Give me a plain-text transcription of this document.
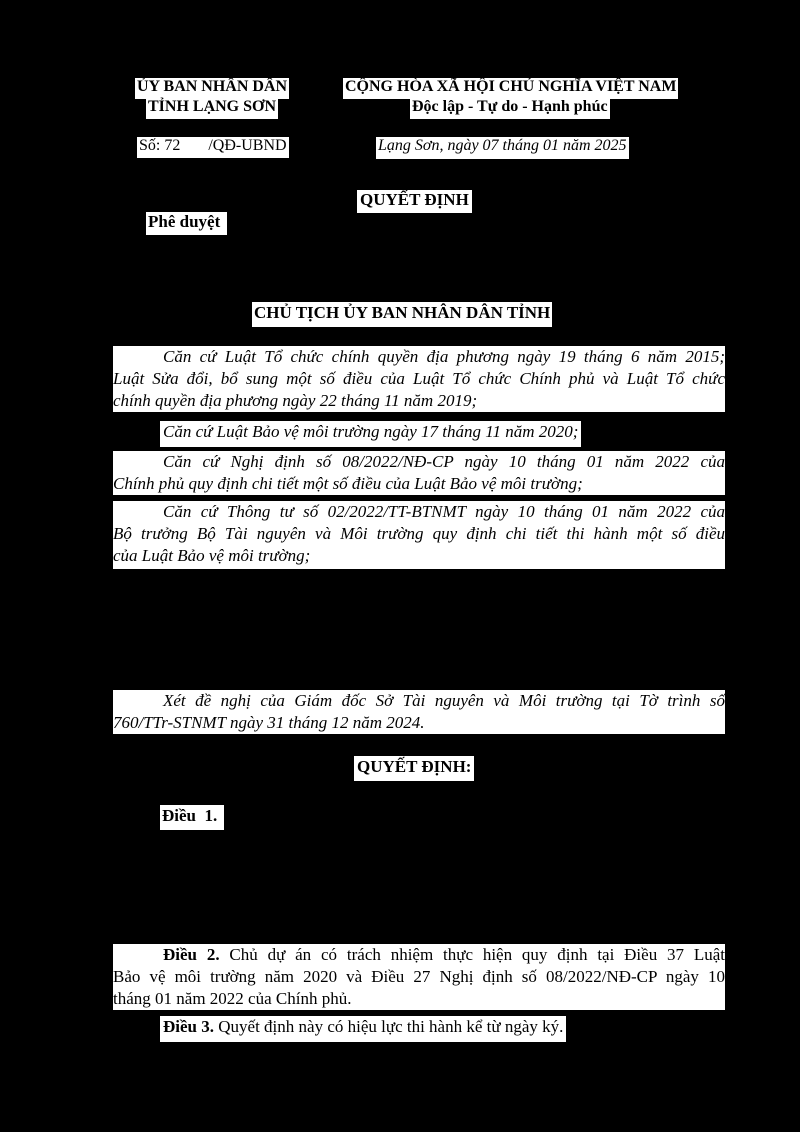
ỦY BAN NHÂN DÂN
TỈNH LẠNG SƠN
CỘNG HÒA XÃ HỘI CHỦ NGHĨA VIỆT NAM
Độc lập - Tự do - Hạnh phúc
Số: 72       /QĐ-UBND	Lạng Sơn, ngày 07 tháng 01 năm 2025
QUYẾT ĐỊNH
Phê duyệt
CHỦ TỊCH ỦY BAN NHÂN DÂN TỈNH
Căn cứ Luật Tổ chức chính quyền địa phương ngày 19 tháng 6 năm 2015;
Luật Sửa đổi, bổ sung một số điều của Luật Tổ chức Chính phủ và Luật Tổ chức
chính quyền địa phương ngày 22 tháng 11 năm 2019;
Căn cứ Luật Bảo vệ môi trường ngày 17 tháng 11 năm 2020;
Căn cứ Nghị định số 08/2022/NĐ-CP ngày 10 tháng 01 năm 2022 của
Chính phủ quy định chi tiết một số điều của Luật Bảo vệ môi trường;
Căn cứ Thông tư số 02/2022/TT-BTNMT ngày 10 tháng 01 năm 2022 của
Bộ trưởng Bộ Tài nguyên và Môi trường quy định chi tiết thi hành một số điều
của Luật Bảo vệ môi trường;
Xét đề nghị của Giám đốc Sở Tài nguyên và Môi trường tại Tờ trình số
760/TTr-STNMT ngày 31 tháng 12 năm 2024.
QUYẾT ĐỊNH:
Điều  1.
Điều 2. Chủ dự án có trách nhiệm thực hiện quy định tại Điều 37 Luật
Bảo vệ môi trường năm 2020 và Điều 27 Nghị định số 08/2022/NĐ-CP ngày 10
tháng 01 năm 2022 của Chính phủ.
Điều 3. Quyết định này có hiệu lực thi hành kể từ ngày ký.
